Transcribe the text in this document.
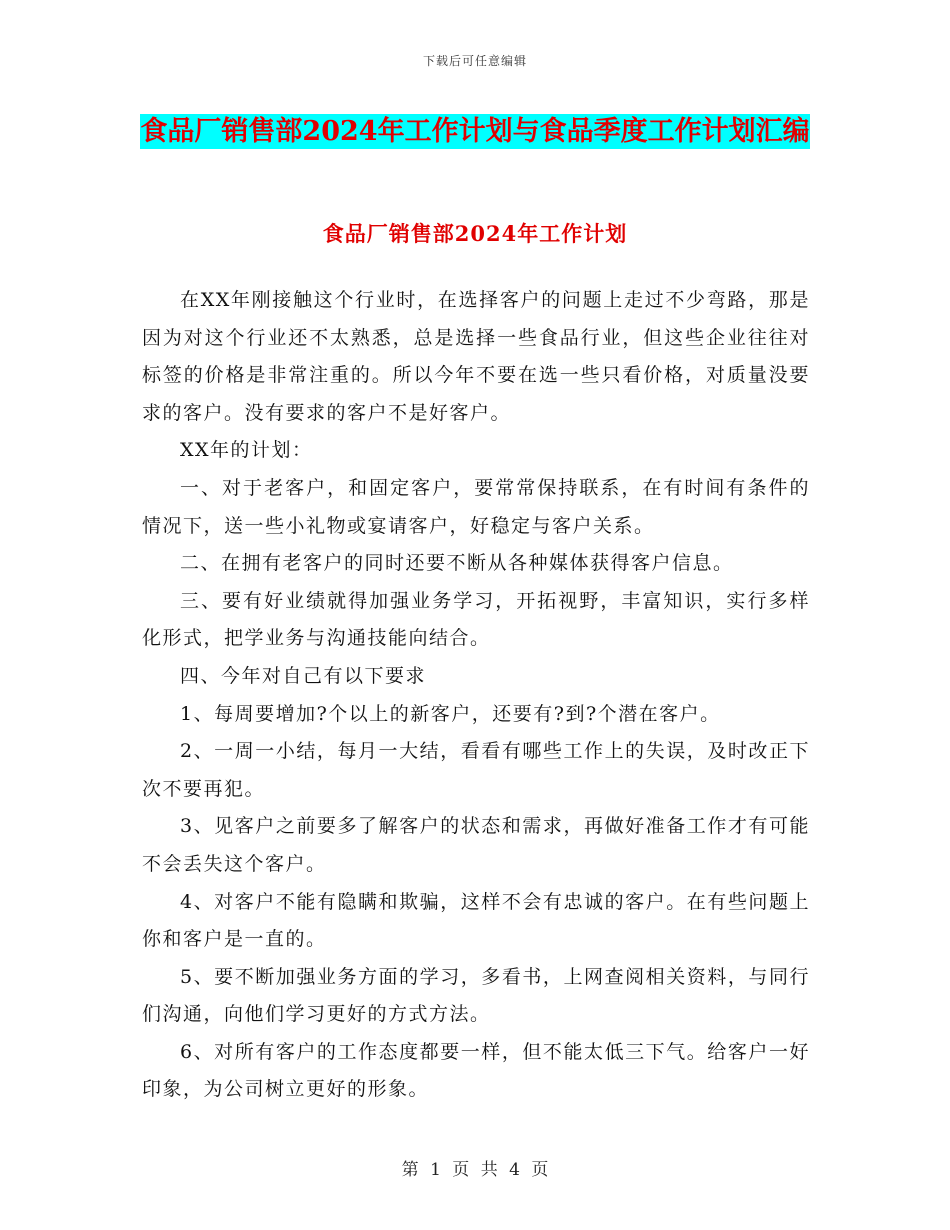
下载后可任意编辑
食品厂销售部2024年工作计划与食品季度工作计划汇编
食品厂销售部2024年工作计划

在XX年刚接触这个行业时，在选择客户的问题上走过不少弯路，那是因为对这个行业还不太熟悉，总是选择一些食品行业，但这些企业往往对标签的价格是非常注重的。所以今年不要在选一些只看价格，对质量没要求的客户。没有要求的客户不是好客户。

XX年的计划：

一、对于老客户，和固定客户，要常常保持联系，在有时间有条件的情况下，送一些小礼物或宴请客户，好稳定与客户关系。

二、在拥有老客户的同时还要不断从各种媒体获得客户信息。

三、要有好业绩就得加强业务学习，开拓视野，丰富知识，实行多样化形式，把学业务与沟通技能向结合。

四、今年对自己有以下要求

1、每周要增加?个以上的新客户，还要有?到?个潜在客户。

2、一周一小结，每月一大结，看看有哪些工作上的失误，及时改正下次不要再犯。

3、见客户之前要多了解客户的状态和需求，再做好准备工作才有可能不会丢失这个客户。

4、对客户不能有隐瞒和欺骗，这样不会有忠诚的客户。在有些问题上你和客户是一直的。

5、要不断加强业务方面的学习，多看书，上网查阅相关资料，与同行们沟通，向他们学习更好的方式方法。

6、对所有客户的工作态度都要一样，但不能太低三下气。给客户一好印象，为公司树立更好的形象。

第 1 页 共 4 页
